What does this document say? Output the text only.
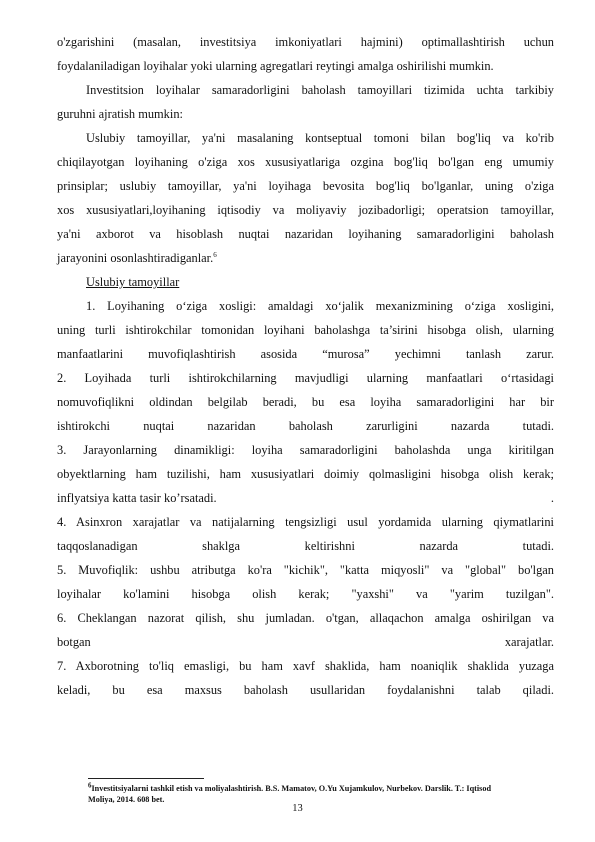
o'zgarishini (masalan, investitsiya imkoniyatlari hajmini) optimallashtirish uchun
foydalaniladigan loyihalar yoki ularning agregatlari reytingi amalga oshirilishi mumkin.
Investitsion loyihalar samaradorligini baholash tamoyillari tizimida uchta tarkibiy
guruhni ajratish mumkin:
Uslubiy tamoyillar, ya'ni masalaning kontseptual tomoni bilan bog'liq va ko'rib
chiqilayotgan loyihaning o'ziga xos xususiyatlariga ozgina bog'liq bo'lgan eng umumiy
prinsiplar; uslubiy tamoyillar, ya'ni loyihaga bevosita bog'liq bo'lganlar, uning o'ziga
xos xususiyatlari,loyihaning iqtisodiy va moliyaviy jozibadorligi; operatsion tamoyillar,
ya'ni axborot va hisoblash nuqtai nazaridan loyihaning samaradorligini baholash
jarayonini osonlashtiradiganlar.$^6$
Uslubiy tamoyillar
1. Loyihaning o‘ziga xosligi: amaldagi xo‘jalik mexanizmining o‘ziga xosligini,
uning turli ishtirokchilar tomonidan loyihani baholashga ta’sirini hisobga olish, ularning
manfaatlarini muvofiqlashtirish asosida “murosa” yechimni tanlash zarur.
2. Loyihada turli ishtirokchilarning mavjudligi ularning manfaatlari o‘rtasidagi
nomuvofiqlikni oldindan belgilab beradi, bu esa loyiha samaradorligini har bir
ishtirokchi nuqtai nazaridan baholash zarurligini nazarda tutadi.
3. Jarayonlarning dinamikligi: loyiha samaradorligini baholashda unga kiritilgan
obyektlarning ham tuzilishi, ham xususiyatlari doimiy qolmasligini hisobga olish kerak;
inflyatsiya katta tasir ko’rsatadi.	.
4. Asinxron xarajatlar va natijalarning tengsizligi usul yordamida ularning qiymatlarini
taqqoslanadigan shaklga keltirishni nazarda tutadi.
5. Muvofiqlik: ushbu atributga ko'ra "kichik", "katta miqyosli" va "global" bo'lgan
loyihalar ko'lamini hisobga olish kerak; "yaxshi" va "yarim tuzilgan".
6. Cheklangan nazorat qilish, shu jumladan. o'tgan, allaqachon amalga oshirilgan va
botgan	xarajatlar.
7. Axborotning to'liq emasligi, bu ham xavf shaklida, ham noaniqlik shaklida yuzaga
keladi, bu esa maxsus baholash usullaridan foydalanishni talab qiladi.
$^6$Investitsiyalarni tashkil etish va moliyalashtirish. B.S. Mamatov, O.Yu Xujamkulov, Nurbekov. Darslik. T.: Iqtisod
Moliya, 2014. 608 bet.
13
